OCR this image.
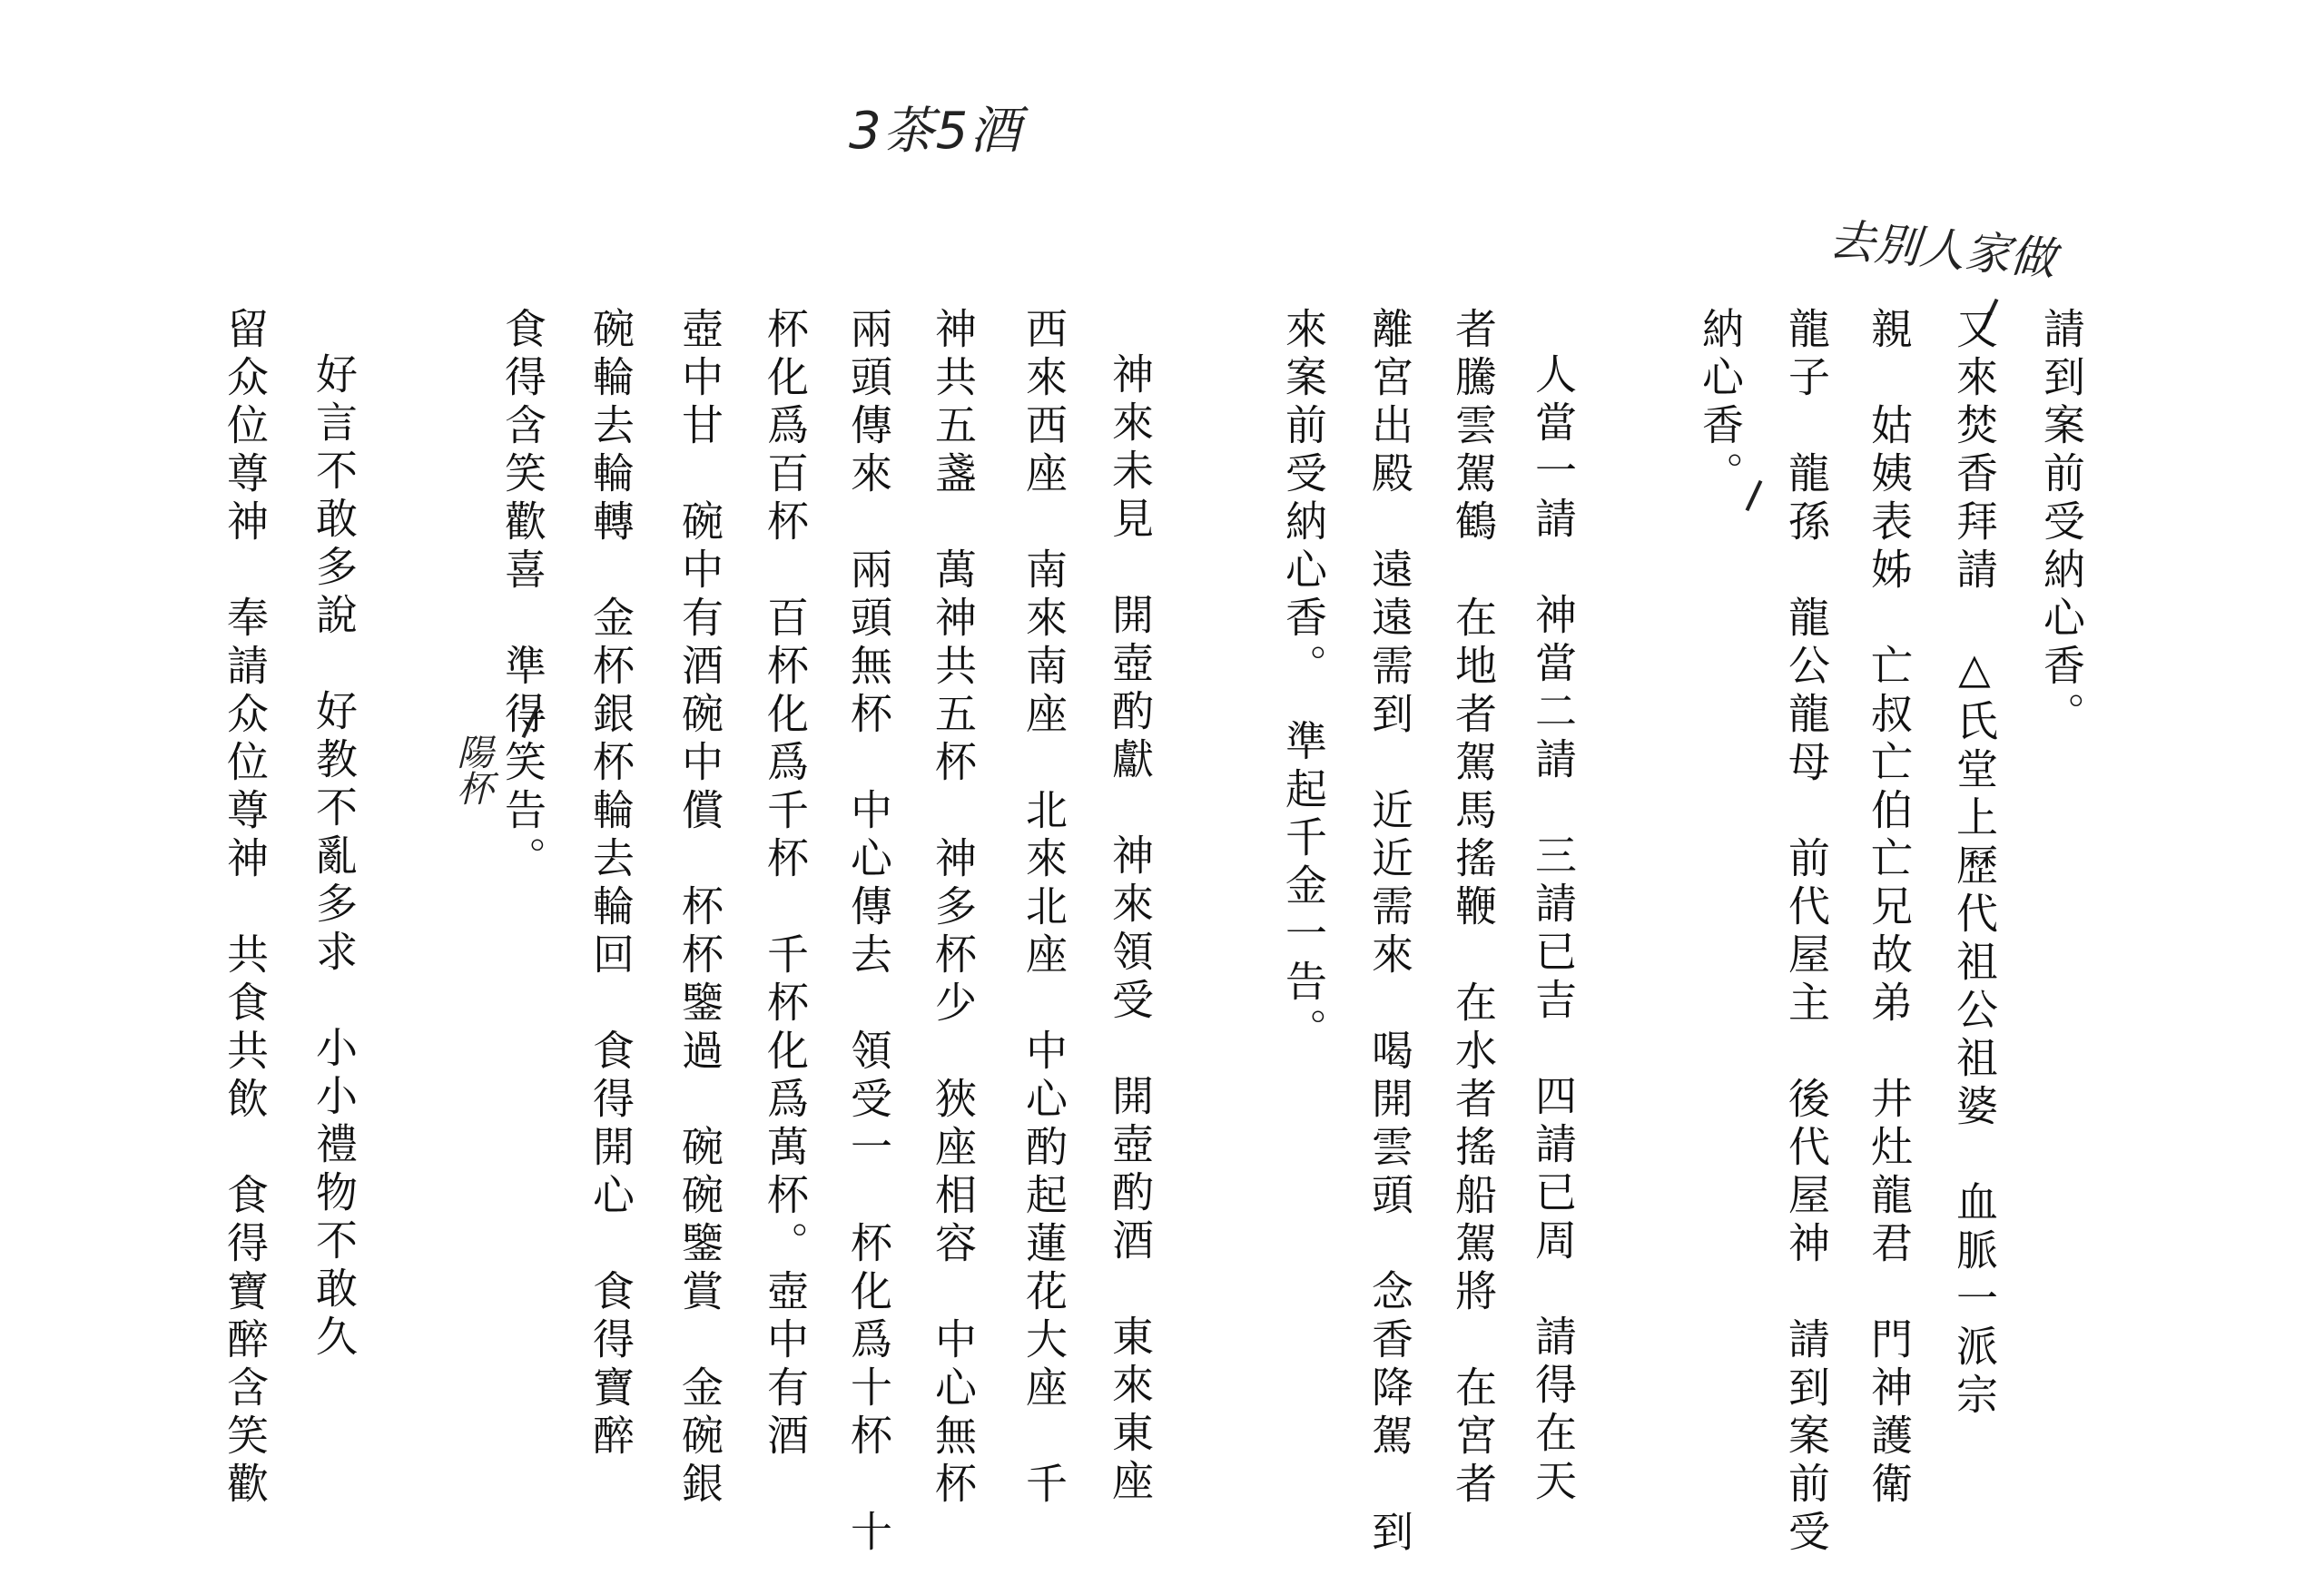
3茶5酒
去別人家做
請到案前受納心香。
又來焚香拜請　△氏堂上歷代祖公祖婆　血脈一派宗
親　姑姨表姊　亡叔亡伯亡兄故弟　井灶龍君　門神護衛
龍子　龍孫　龍公龍母　前代屋主　後代屋神　請到案前受
納心香。
人當一請　神當二請　三請已吉　四請已周　請得在天
者騰雲駕鶴　在地者駕馬搖鞭　在水者搖船駕將　在宮者
離宮出殿　遠遠需到　近近需來　喝開雲頭　念香降駕　到
來案前受納心香。　準起千金一告。
神來未見　開壺酌獻　神來領受　開壺酌酒　東來東座
西來西座　南來南座　北來北座　中心酌起蓮花大座　千
神共五盞　萬神共五杯　神多杯少　狹座相容　中心無杯
兩頭傳來　兩頭無杯　中心傳去　領受一　杯化爲十杯　十
杯化爲百杯　百杯化爲千杯　千杯化爲萬杯。壺中有酒
壺中甘　碗中有酒碗中償　杯杯鑒過　碗碗鑒賞　金碗銀
碗輪去輪轉　金杯銀杯輪去輪回　食得開心　食得寶醉
食得含笑歡喜　準得笑告。
陽杯
好言不敢多說　好教不亂多求　小小禮物不敢久
留众位尊神　奉請众位尊神　共食共飲　食得寶醉含笑歡
